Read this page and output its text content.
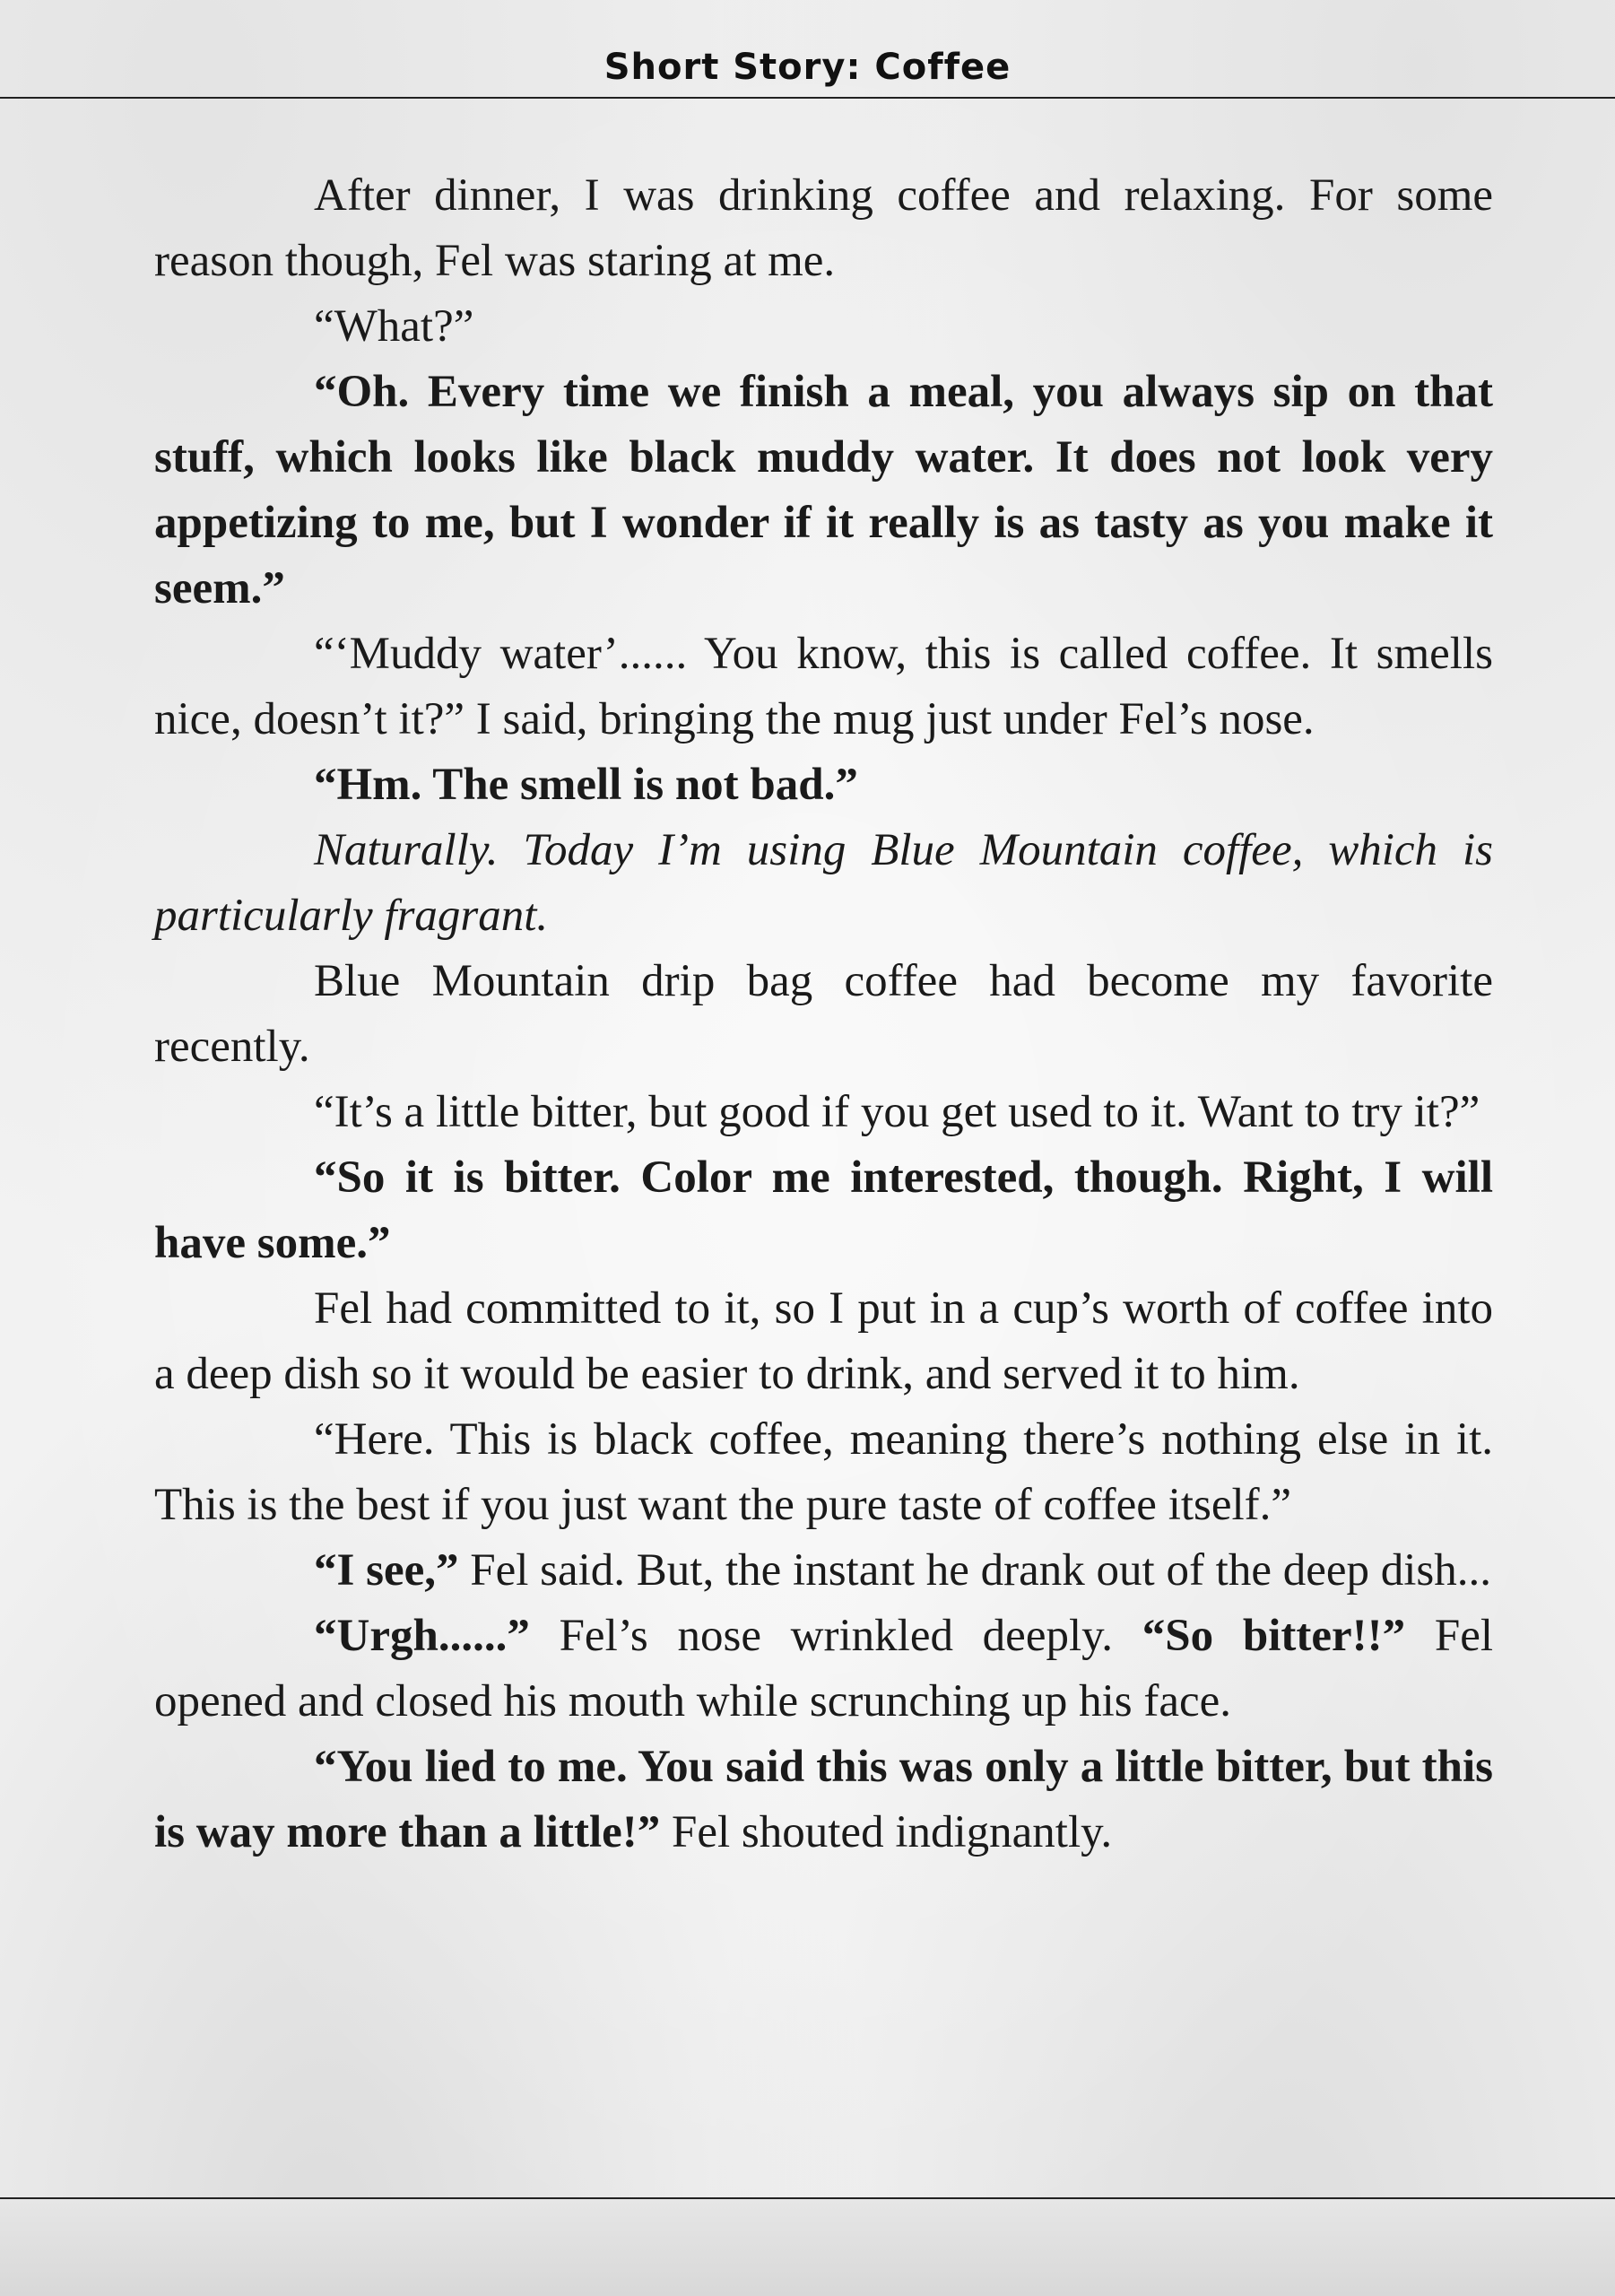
Short Story: Coffee

After dinner, I was drinking coffee and relaxing. For some reason though, Fel was staring at me.

“What?”

“Oh. Every time we finish a meal, you always sip on that stuff, which looks like black muddy water. It does not look very appetizing to me, but I wonder if it really is as tasty as you make it seem.”

“‘Muddy water’...... You know, this is called coffee. It smells nice, doesn’t it?” I said, bringing the mug just under Fel’s nose.

“Hm. The smell is not bad.”

Naturally. Today I’m using Blue Mountain coffee, which is particularly fragrant.

Blue Mountain drip bag coffee had become my favorite recently.

“It’s a little bitter, but good if you get used to it. Want to try it?”

“So it is bitter. Color me interested, though. Right, I will have some.”

Fel had committed to it, so I put in a cup’s worth of coffee into a deep dish so it would be easier to drink, and served it to him.

“Here. This is black coffee, meaning there’s nothing else in it. This is the best if you just want the pure taste of coffee itself.”

“I see,” Fel said. But, the instant he drank out of the deep dish...

“Urgh......” Fel’s nose wrinkled deeply. “So bitter!!” Fel opened and closed his mouth while scrunching up his face.

“You lied to me. You said this was only a little bitter, but this is way more than a little!” Fel shouted indignantly.
